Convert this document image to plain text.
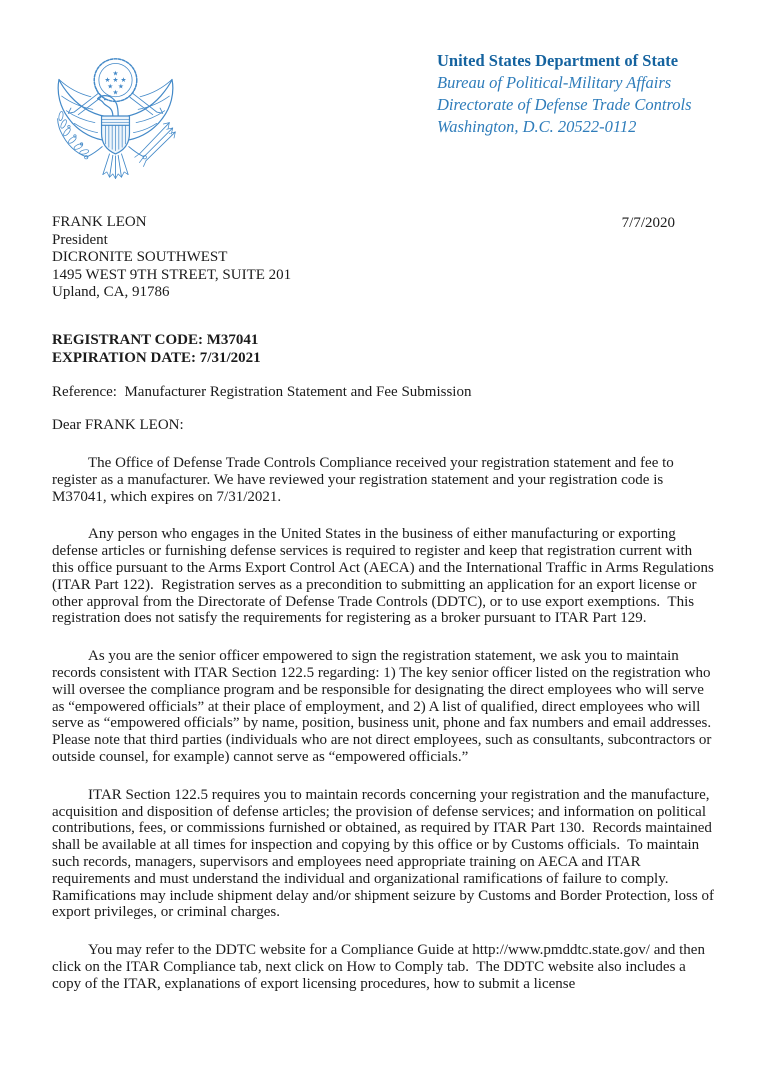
★
★ ★ ★
★ ★
★
United States Department of State
Bureau of Political-Military Affairs
Directorate of Defense Trade Controls
Washington, D.C. 20522-0112
FRANK LEON
President
DICRONITE SOUTHWEST
1495 WEST 9TH STREET, SUITE 201
Upland, CA, 91786
7/7/2020
REGISTRANT CODE: M37041
EXPIRATION DATE: 7/31/2021
Reference:  Manufacturer Registration Statement and Fee Submission
Dear FRANK LEON:

The Office of Defense Trade Controls Compliance received your registration statement and fee to register as a manufacturer. We have reviewed your registration statement and your registration code is M37041, which expires on 7/31/2021.

Any person who engages in the United States in the business of either manufacturing or exporting defense articles or furnishing defense services is required to register and keep that registration current with this office pursuant to the Arms Export Control Act (AECA) and the International Traffic in Arms Regulations (ITAR Part 122).  Registration serves as a precondition to submitting an application for an export license or other approval from the Directorate of Defense Trade Controls (DDTC), or to use export exemptions.  This registration does not satisfy the requirements for registering as a broker pursuant to ITAR Part 129.

As you are the senior officer empowered to sign the registration statement, we ask you to maintain records consistent with ITAR Section 122.5 regarding: 1) The key senior officer listed on the registration who will oversee the compliance program and be responsible for designating the direct employees who will serve as “empowered officials” at their place of employment, and 2) A list of qualified, direct employees who will serve as “empowered officials” by name, position, business unit, phone and fax numbers and email addresses.  Please note that third parties (individuals who are not direct employees, such as consultants, subcontractors or outside counsel, for example) cannot serve as “empowered officials.”

ITAR Section 122.5 requires you to maintain records concerning your registration and the manufacture, acquisition and disposition of defense articles; the provision of defense services; and information on political contributions, fees, or commissions furnished or obtained, as required by ITAR Part 130.  Records maintained shall be available at all times for inspection and copying by this office or by Customs officials.  To maintain such records, managers, supervisors and employees need appropriate training on AECA and ITAR requirements and must understand the individual and organizational ramifications of failure to comply.  Ramifications may include shipment delay and/or shipment seizure by Customs and Border Protection, loss of export privileges, or criminal charges.

You may refer to the DDTC website for a Compliance Guide at http://www.pmddtc.state.gov/ and then click on the ITAR Compliance tab, next click on How to Comply tab.  The DDTC website also includes a copy of the ITAR, explanations of export licensing procedures, how to submit a license
